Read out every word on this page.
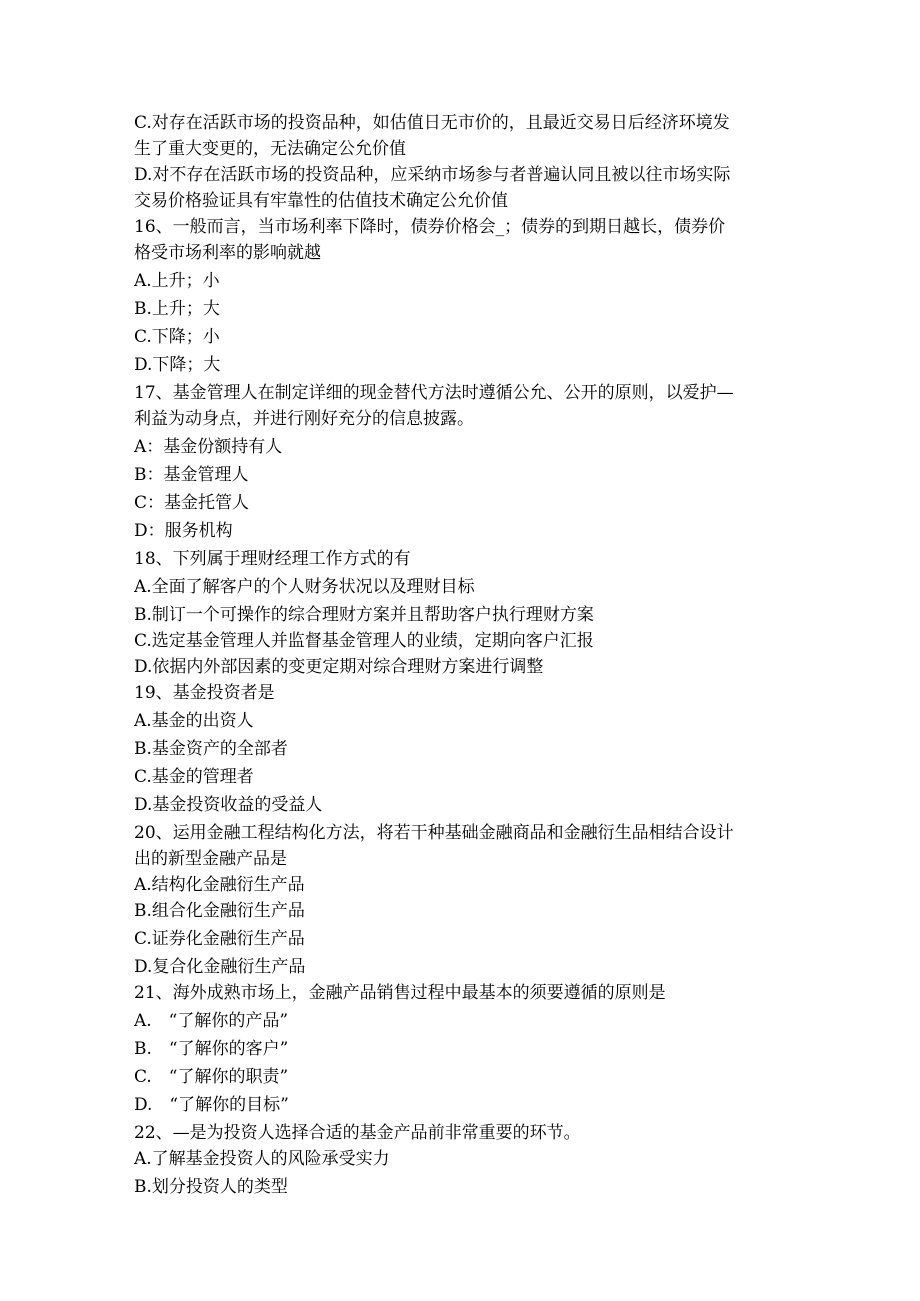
C.对存在活跃市场的投资品种，如估值日无市价的，且最近交易日后经济环境发
生了重大变更的，无法确定公允价值
D.对不存在活跃市场的投资品种，应采纳市场参与者普遍认同且被以往市场实际
交易价格验证具有牢靠性的估值技术确定公允价值
16、一般而言，当市场利率下降时，债券价格会_；债券的到期日越长，债券价
格受市场利率的影响就越
A.上升；小
B.上升；大
C.下降；小
D.下降；大
17、基金管理人在制定详细的现金替代方法时遵循公允、公开的原则，以爱护—
利益为动身点，并进行刚好充分的信息披露。
A：基金份额持有人
B：基金管理人
C：基金托管人
D：服务机构
18、下列属于理财经理工作方式的有
A.全面了解客户的个人财务状况以及理财目标
B.制订一个可操作的综合理财方案并且帮助客户执行理财方案
C.选定基金管理人并监督基金管理人的业绩，定期向客户汇报
D.依据内外部因素的变更定期对综合理财方案进行调整
19、基金投资者是
A.基金的出资人
B.基金资产的全部者
C.基金的管理者
D.基金投资收益的受益人
20、运用金融工程结构化方法，将若干种基础金融商品和金融衍生品相结合设计
出的新型金融产品是
A.结构化金融衍生产品
B.组合化金融衍生产品
C.证券化金融衍生产品
D.复合化金融衍生产品
21、海外成熟市场上，金融产品销售过程中最基本的须要遵循的原则是
A.　“了解你的产品”
B.　“了解你的客户”
C.　“了解你的职责”
D.　“了解你的目标”
22、—是为投资人选择合适的基金产品前非常重要的环节。
A.了解基金投资人的风险承受实力
B.划分投资人的类型
